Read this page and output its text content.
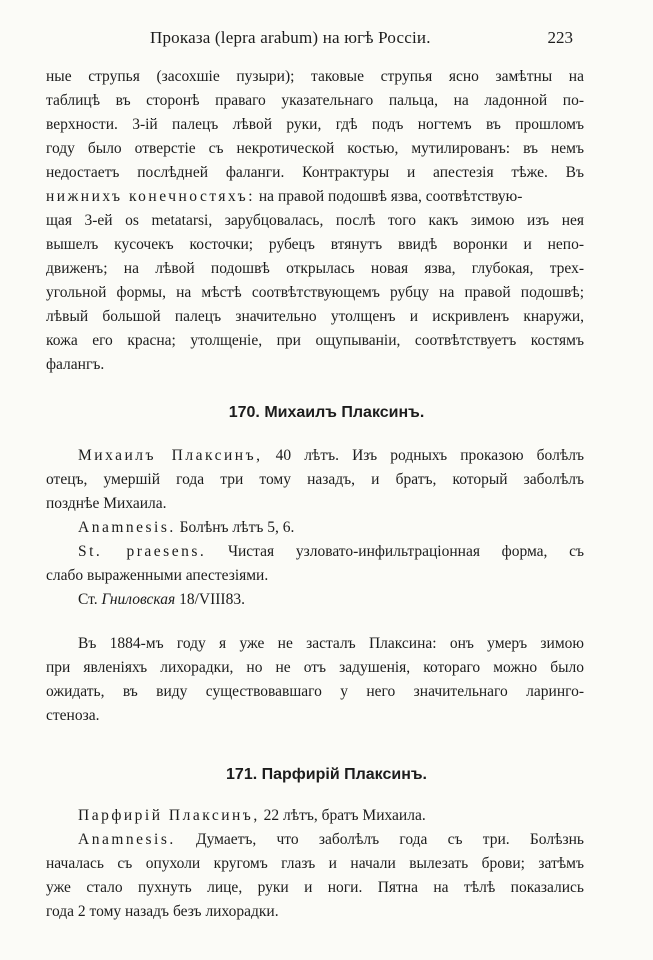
Проказа (lepra arabum) на югѣ Россіи.	223
ные струпья (засохшіе пузыри); таковые струпья ясно замѣтны на
таблицѣ въ сторонѣ праваго указательнаго пальца, на ладонной по-
верхности. 3-ій палецъ лѣвой руки, гдѣ подъ ногтемъ въ прошломъ
году было отверстіе съ некротической костью, мутилированъ: въ немъ
недостаетъ послѣдней фаланги. Контрактуры и апестезія тѣже. Въ
нижнихъ конечностяхъ: на правой подошвѣ язва, соотвѣтствую-
щая 3-ей os metatarsi, зарубцовалась, послѣ того какъ зимою изъ нея
вышелъ кусочекъ косточки; рубецъ втянутъ ввидѣ воронки и непо-
движенъ; на лѣвой подошвѣ открылась новая язва, глубокая, трех-
угольной формы, на мѣстѣ соотвѣтствующемъ рубцу на правой подошвѣ;
лѣвый большой палецъ значительно утолщенъ и искривленъ кнаружи,
кожа его красна; утолщеніе, при ощупываніи, соотвѣтствуетъ костямъ
фалангъ.
170. Михаилъ Плаксинъ.
Михаилъ Плаксинъ, 40 лѣтъ. Изъ родныхъ проказою болѣлъ
отецъ, умершій года три тому назадъ, и братъ, который заболѣлъ
позднѣе Михаила.
Anamnesis. Болѣнъ лѣтъ 5, 6.
St. praesens. Чистая узловато-инфильтраціонная форма, съ
слабо выраженными апестезіями.
Ст. Гниловская 18/VIII83.
Въ 1884-мъ году я уже не засталъ Плаксина: онъ умеръ зимою
при явленіяхъ лихорадки, но не отъ задушенія, котораго можно было
ожидать, въ виду существовавшаго у него значительнаго ларинго-
стеноза.
171. Парфирій Плаксинъ.
Парфирій Плаксинъ, 22 лѣтъ, братъ Михаила.
Anamnesis. Думаетъ, что заболѣлъ года съ три. Болѣзнь
началась съ опухоли кругомъ глазъ и начали вылезать брови; затѣмъ
уже стало пухнуть лице, руки и ноги. Пятна на тѣлѣ показались
года 2 тому назадъ безъ лихорадки.
